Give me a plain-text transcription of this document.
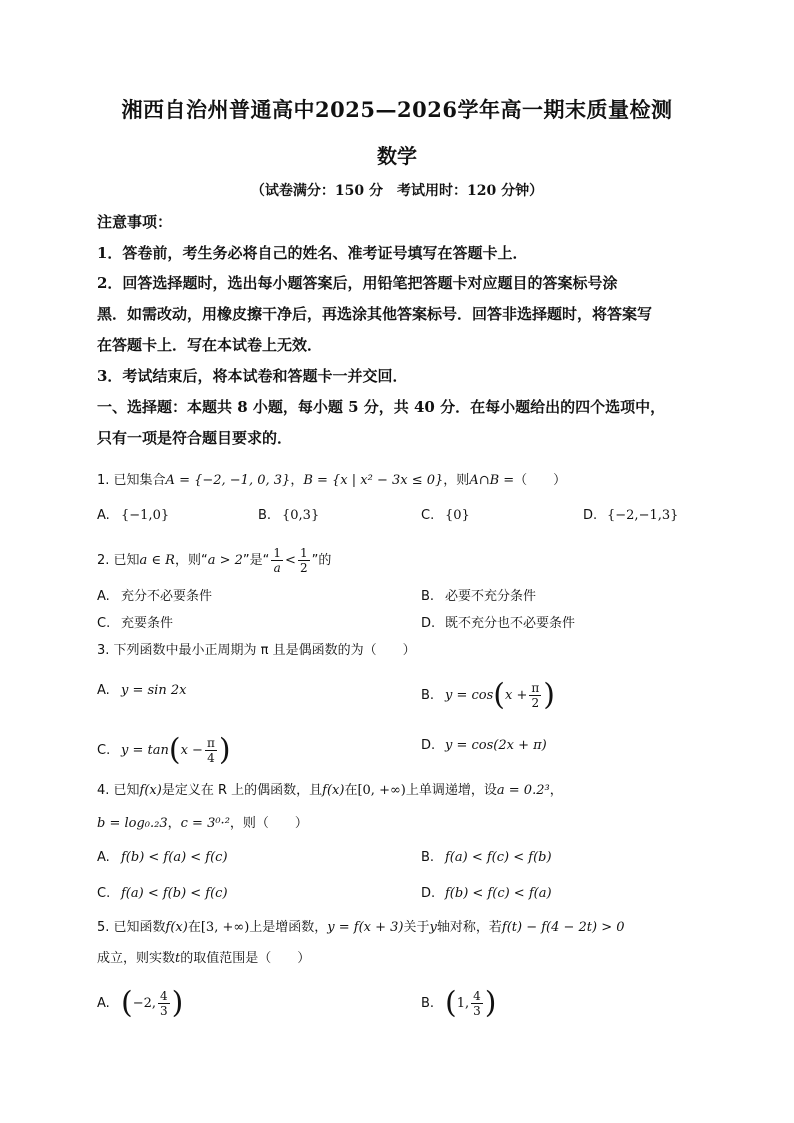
湘西自治州普通高中2025—2026学年高一期末质量检测
数学
（试卷满分：150 分　考试用时：120 分钟）
注意事项：
1．答卷前，考生务必将自己的姓名、准考证号填写在答题卡上．
2．回答选择题时，选出每小题答案后，用铅笔把答题卡对应题目的答案标号涂
黑．如需改动，用橡皮擦干净后，再选涂其他答案标号．回答非选择题时，将答案写
在答题卡上．写在本试卷上无效．
3．考试结束后，将本试卷和答题卡一并交回．
一、选择题：本题共 8 小题，每小题 5 分，共 40 分．在每小题给出的四个选项中，
只有一项是符合题目要求的．
1. 已知集合A = {−2, −1, 0, 3}，B = {x | x² − 3x ≤ 0}，则A∩B =（　　）
A. {−1,0}	B. {0,3}	C. {0}	D. {−2,−1,3}
2. 已知a ∈ R，则“a > 2”是“ $\frac{1}{a} < \frac{1}{2}$ ”的
A. 充分不必要条件	B. 必要不充分条件
C. 充要条件	D. 既不充分也不必要条件
3. 下列函数中最小正周期为 π 且是偶函数的为（　　）
A. y = sin 2x	B. $y = \cos(x + \frac{\pi}{2}$ )
C. $y = \tan(x - \frac{\pi}{4}$ )	D. y = cos(2x + π)
4. 已知f(x)是定义在 R 上的偶函数，且f(x)在[0, +∞)上单调递增，设a = 0.2³，
b = log₀.₂3，c = 3⁰·²，则（　　）
A. f(b) < f(a) < f(c)	B. f(a) < f(c) < f(b)
C. f(a) < f(b) < f(c)	D. f(b) < f(c) < f(a)
5. 已知函数f(x)在[3, +∞)上是增函数，y = f(x + 3)关于y轴对称，若f(t) − f(4 − 2t) > 0
成立，则实数t的取值范围是（　　）
A. (−2, $\frac{4}{3}$ )	B. (1, $\frac{4}{3}$ )
